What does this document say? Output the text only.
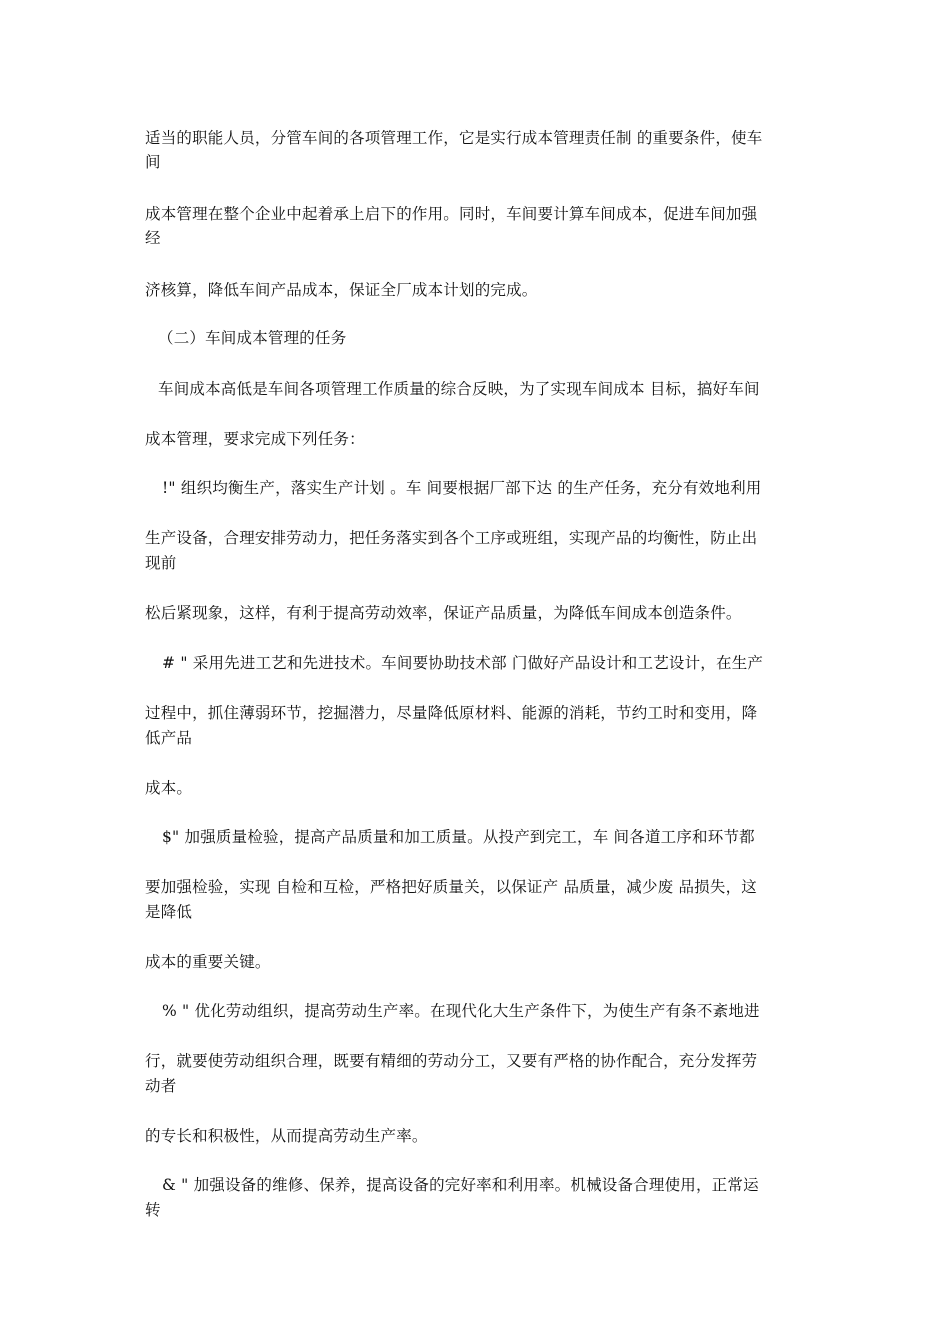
适当的职能人员，分管车间的各项管理工作，它是实行成本管理责任制 的重要条件，使车

间

成本管理在整个企业中起着承上启下的作用。同时，车间要计算车间成本，促进车间加强

经

济核算，降低车间产品成本，保证全厂成本计划的完成。

（二）车间成本管理的任务

车间成本高低是车间各项管理工作质量的综合反映，为了实现车间成本 目标，搞好车间

成本管理，要求完成下列任务：

!" 组织均衡生产，落实生产计划 。车 间要根据厂部下达 的生产任务，充分有效地利用

生产设备，合理安排劳动力，把任务落实到各个工序或班组，实现产品的均衡性，防止出

现前

松后紧现象，这样，有利于提高劳动效率，保证产品质量，为降低车间成本创造条件。

# " 采用先进工艺和先进技术。车间要协助技术部 门做好产品设计和工艺设计，在生产

过程中，抓住薄弱环节，挖掘潜力，尽量降低原材料、能源的消耗，节约工时和变用，降

低产品

成本。

$" 加强质量检验，提高产品质量和加工质量。从投产到完工，车 间各道工序和环节都

要加强检验，实现 自检和互检，严格把好质量关，以保证产 品质量，减少废 品损失，这

是降低

成本的重要关键。

% " 优化劳动组织，提高劳动生产率。在现代化大生产条件下，为使生产有条不紊地进

行，就要使劳动组织合理，既要有精细的劳动分工，又要有严格的协作配合，充分发挥劳

动者

的专长和积极性，从而提高劳动生产率。

& " 加强设备的维修、保养，提高设备的完好率和利用率。机械设备合理使用，正常运

转
